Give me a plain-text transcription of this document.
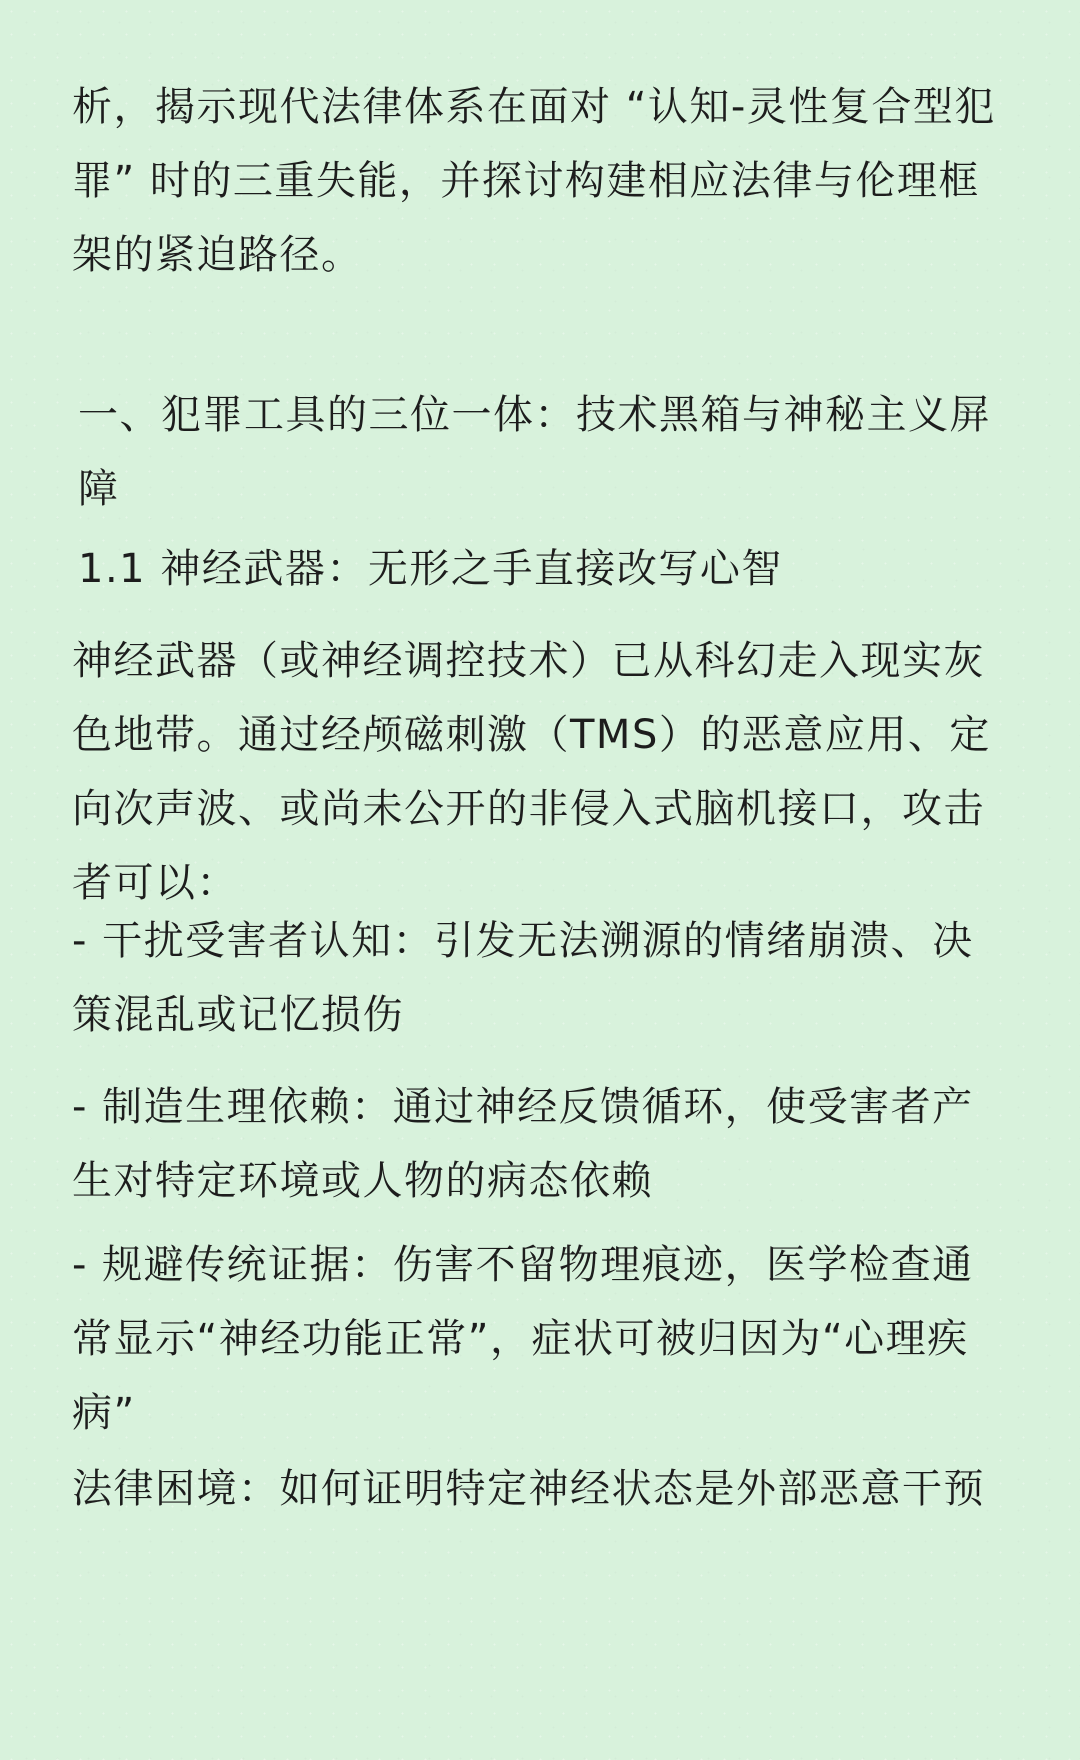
析，揭示现代法律体系在面对 “认知-灵性复合型犯罪” 时的三重失能，并探讨构建相应法律与伦理框架的紧迫路径。
一、犯罪工具的三位一体：技术黑箱与神秘主义屏障
1.1 神经武器：无形之手直接改写心智
神经武器（或神经调控技术）已从科幻走入现实灰色地带。通过经颅磁刺激（TMS）的恶意应用、定向次声波、或尚未公开的非侵入式脑机接口，攻击者可以：
- 干扰受害者认知：引发无法溯源的情绪崩溃、决策混乱或记忆损伤
- 制造生理依赖：通过神经反馈循环，使受害者产生对特定环境或人物的病态依赖
- 规避传统证据：伤害不留物理痕迹，医学检查通常显示“神经功能正常”，症状可被归因为“心理疾病”
法律困境：如何证明特定神经状态是外部恶意干预
